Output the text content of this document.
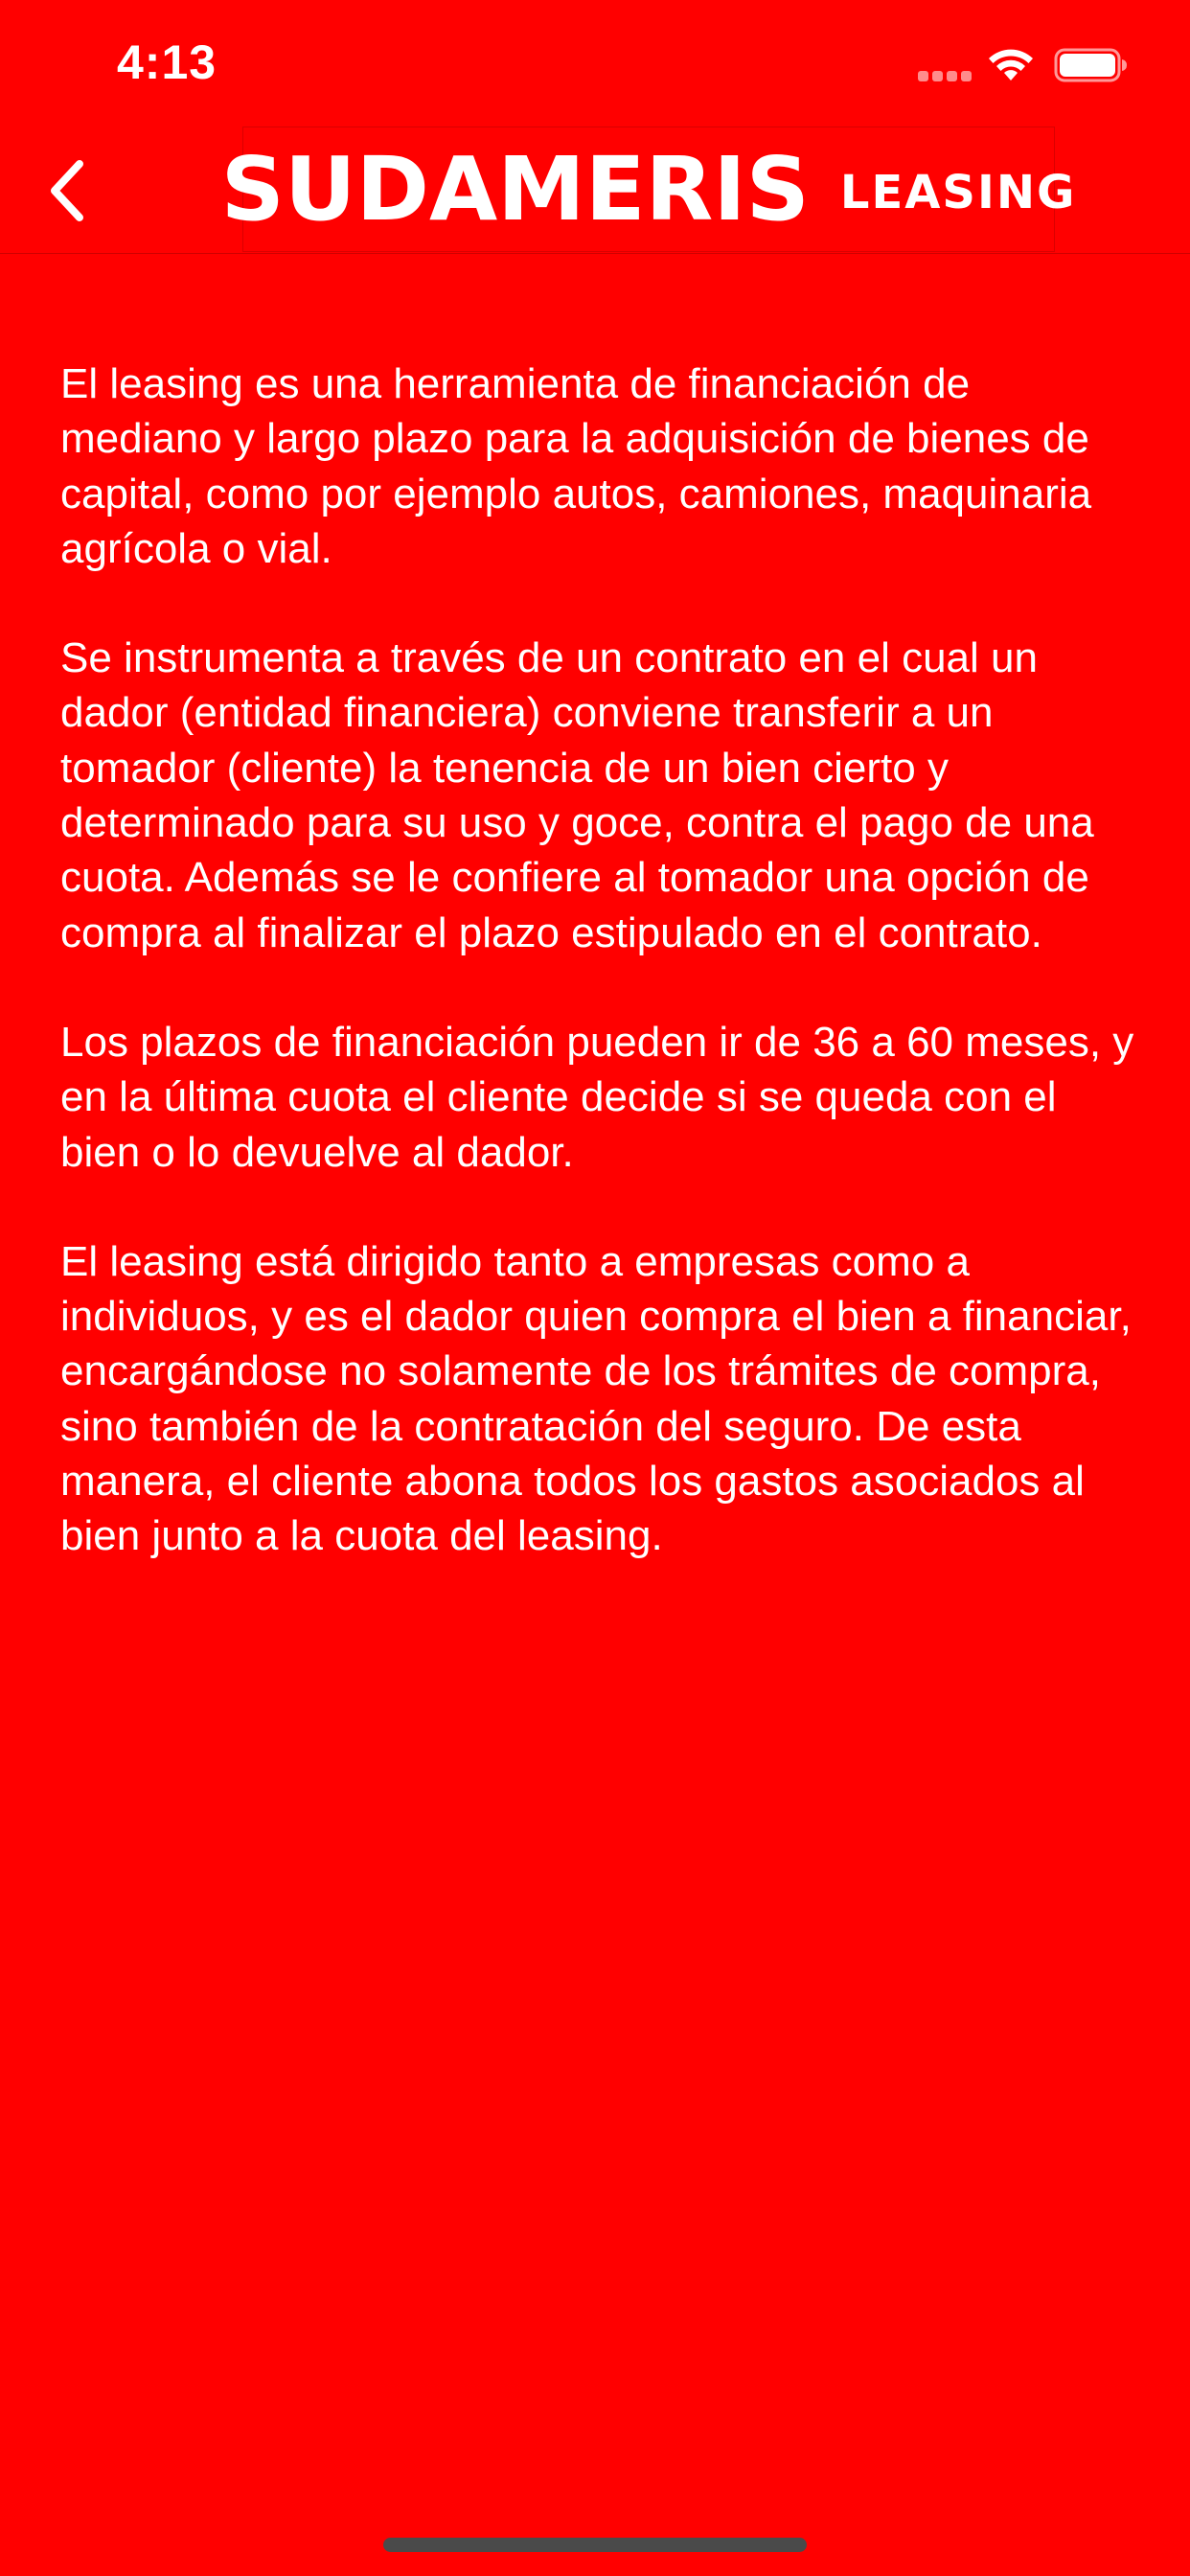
4:13
SUDAMERIS LEASING

El leasing es una herramienta de financiación de mediano y largo plazo para la adquisición de bienes de capital, como por ejemplo autos, camiones, maquinaria agrícola o vial.

Se instrumenta a través de un contrato en el cual un dador (entidad financiera) conviene transferir a un tomador (cliente) la tenencia de un bien cierto y determinado para su uso y goce, contra el pago de una cuota. Además se le confiere al tomador una opción de compra al finalizar el plazo estipulado en el contrato.

Los plazos de financiación pueden ir de 36 a 60 meses, y en la última cuota el cliente decide si se queda con el bien o lo devuelve al dador.

El leasing está dirigido tanto a empresas como a individuos, y es el dador quien compra el bien a financiar, encargándose no solamente de los trámites de compra, sino también de la contratación del seguro. De esta manera, el cliente abona todos los gastos asociados al bien junto a la cuota del leasing.
